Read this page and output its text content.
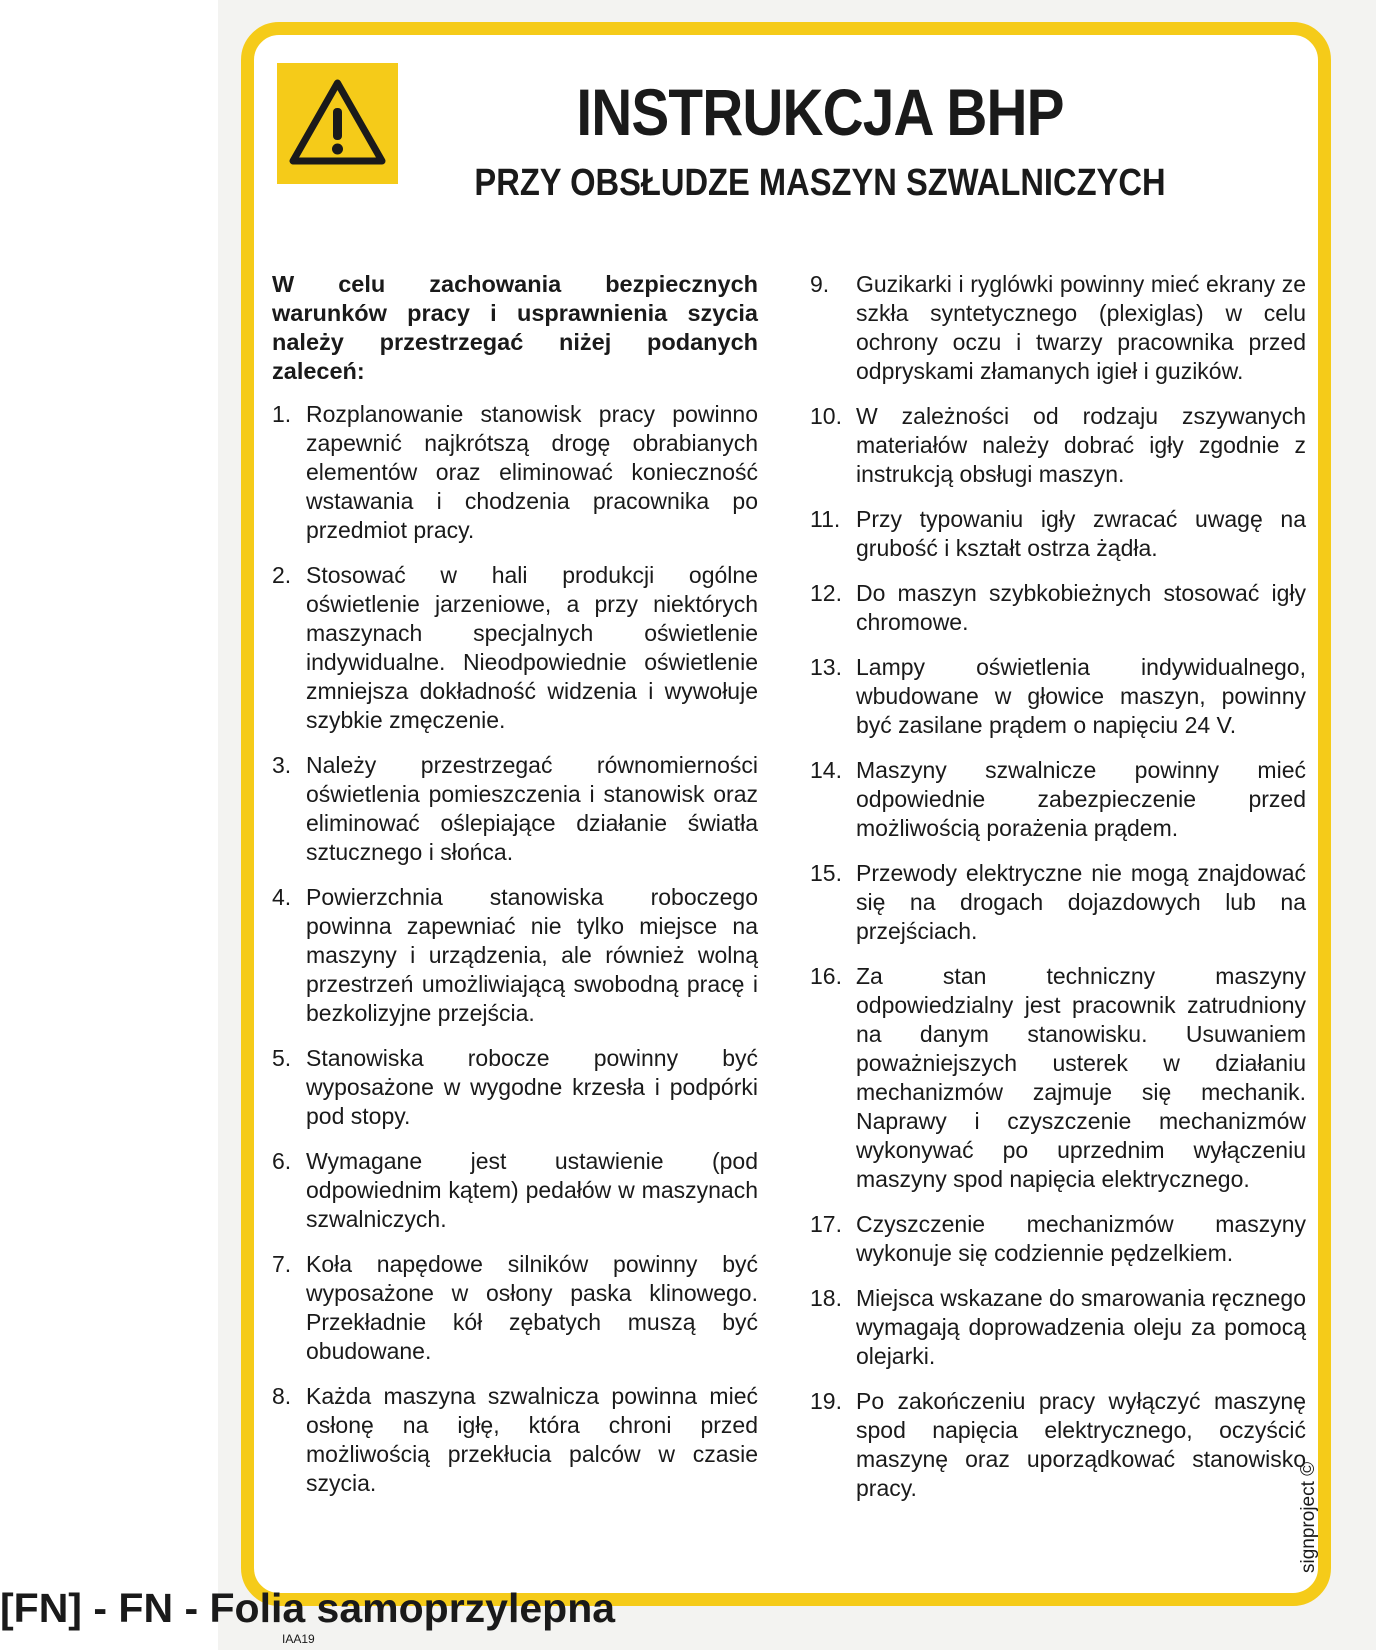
INSTRUKCJA BHP
PRZY OBSŁUDZE MASZYN SZWALNICZYCH
W celu zachowania bezpiecznych warunków pracy i usprawnienia szycia należy przestrzegać niżej podanych zaleceń:
1. Rozplanowanie stanowisk pracy powinno zapewnić najkrótszą drogę obrabianych elementów oraz eliminować konieczność wstawania i chodzenia pracownika po przedmiot pracy.
2. Stosować w hali produkcji ogólne oświetlenie jarzeniowe, a przy niektórych maszynach specjalnych oświetlenie indywidualne. Nieodpowiednie oświetlenie zmniejsza dokładność widzenia i wywołuje szybkie zmęczenie.
3. Należy przestrzegać równomierności oświetlenia pomieszczenia i stanowisk oraz eliminować oślepiające działanie światła sztucznego i słońca.
4. Powierzchnia stanowiska roboczego powinna zapewniać nie tylko miejsce na maszyny i urządzenia, ale również wolną przestrzeń umożliwiającą swobodną pracę i bezkolizyjne przejścia.
5. Stanowiska robocze powinny być wyposażone w wygodne krzesła i podpórki pod stopy.
6. Wymagane jest ustawienie (pod odpowiednim kątem) pedałów w maszynach szwalniczych.
7. Koła napędowe silników powinny być wyposażone w osłony paska klinowego. Przekładnie kół zębatych muszą być obudowane.
8. Każda maszyna szwalnicza powinna mieć osłonę na igłę, która chroni przed możliwością przekłucia palców w czasie szycia.
9.	Guzikarki i ryglówki powinny mieć ekrany ze szkła syntetycznego (plexiglas) w celu ochrony oczu i twarzy pracownika przed odpryskami złamanych igieł i guzików.
10. W zależności od rodzaju zszywanych materiałów należy dobrać igły zgodnie z instrukcją obsługi maszyn.
11. Przy typowaniu igły zwracać uwagę na grubość i kształt ostrza żądła.
12. Do maszyn szybkobieżnych stosować igły chromowe.
13. Lampy oświetlenia indywidualnego, wbudowane w głowice maszyn, powinny być zasilane prądem o napięciu 24 V.
14. Maszyny szwalnicze powinny mieć odpowiednie zabezpieczenie przed możliwością porażenia prądem.
15. Przewody elektryczne nie mogą znajdować się na drogach dojazdowych lub na przejściach.
16. Za stan techniczny maszyny odpowiedzialny jest pracownik zatrudniony na danym stanowisku. Usuwaniem poważniejszych usterek w działaniu mechanizmów zajmuje się mechanik. Naprawy i czyszczenie mechanizmów wykonywać po uprzednim wyłączeniu maszyny spod napięcia elektrycznego.
17. Czyszczenie mechanizmów maszyny wykonuje się codziennie pędzelkiem.
18. Miejsca wskazane do smarowania ręcznego wymagają doprowadzenia oleju za pomocą olejarki.
19. Po zakończeniu pracy wyłączyć maszynę spod napięcia elektrycznego, oczyścić maszynę oraz uporządkować stanowisko pracy.	signproject ©
[FN] - FN - Folia samoprzylepna
IAA19
